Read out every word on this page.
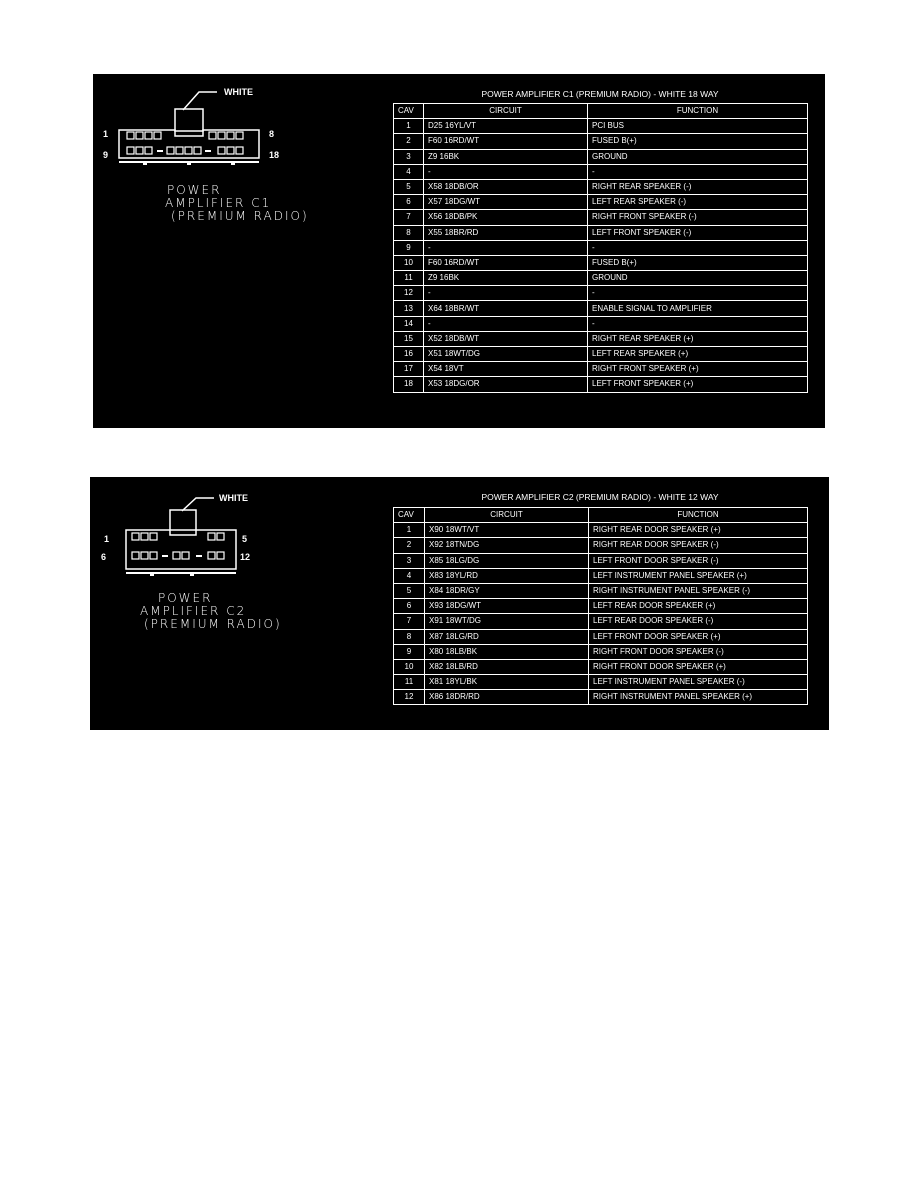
WHITE
1	8
9	18
POWER
AMPLIFIER C1
(PREMIUM RADIO)
POWER AMPLIFIER C1 (PREMIUM RADIO) - WHITE 18 WAY
CAV	CIRCUIT	FUNCTION
1	D25 16YL/VT	PCI BUS
2	F60 16RD/WT	FUSED B(+)
3	Z9 16BK	GROUND
4	-	-
5	X58 18DB/OR	RIGHT REAR SPEAKER (-)
6	X57 18DG/WT	LEFT REAR SPEAKER (-)
7	X56 18DB/PK	RIGHT FRONT SPEAKER (-)
8	X55 18BR/RD	LEFT FRONT SPEAKER (-)
9	-	-
10	F60 16RD/WT	FUSED B(+)
11	Z9 16BK	GROUND
12	-	-
13	X64 18BR/WT	ENABLE SIGNAL TO AMPLIFIER
14	-	-
15	X52 18DB/WT	RIGHT REAR SPEAKER (+)
16	X51 18WT/DG	LEFT REAR SPEAKER (+)
17	X54 18VT	RIGHT FRONT SPEAKER (+)
18	X53 18DG/OR	LEFT FRONT SPEAKER (+)
WHITE
1	5
6	12
POWER
AMPLIFIER C2
(PREMIUM RADIO)
POWER AMPLIFIER C2 (PREMIUM RADIO) - WHITE 12 WAY
CAV	CIRCUIT	FUNCTION
1	X90 18WT/VT	RIGHT REAR DOOR SPEAKER (+)
2	X92 18TN/DG	RIGHT REAR DOOR SPEAKER (-)
3	X85 18LG/DG	LEFT FRONT DOOR SPEAKER (-)
4	X83 18YL/RD	LEFT INSTRUMENT PANEL SPEAKER (+)
5	X84 18DR/GY	RIGHT INSTRUMENT PANEL SPEAKER (-)
6	X93 18DG/WT	LEFT REAR DOOR SPEAKER (+)
7	X91 18WT/DG	LEFT REAR DOOR SPEAKER (-)
8	X87 18LG/RD	LEFT FRONT DOOR SPEAKER (+)
9	X80 18LB/BK	RIGHT FRONT DOOR SPEAKER (-)
10	X82 18LB/RD	RIGHT FRONT DOOR SPEAKER (+)
11	X81 18YL/BK	LEFT INSTRUMENT PANEL SPEAKER (-)
12	X86 18DR/RD	RIGHT INSTRUMENT PANEL SPEAKER (+)
